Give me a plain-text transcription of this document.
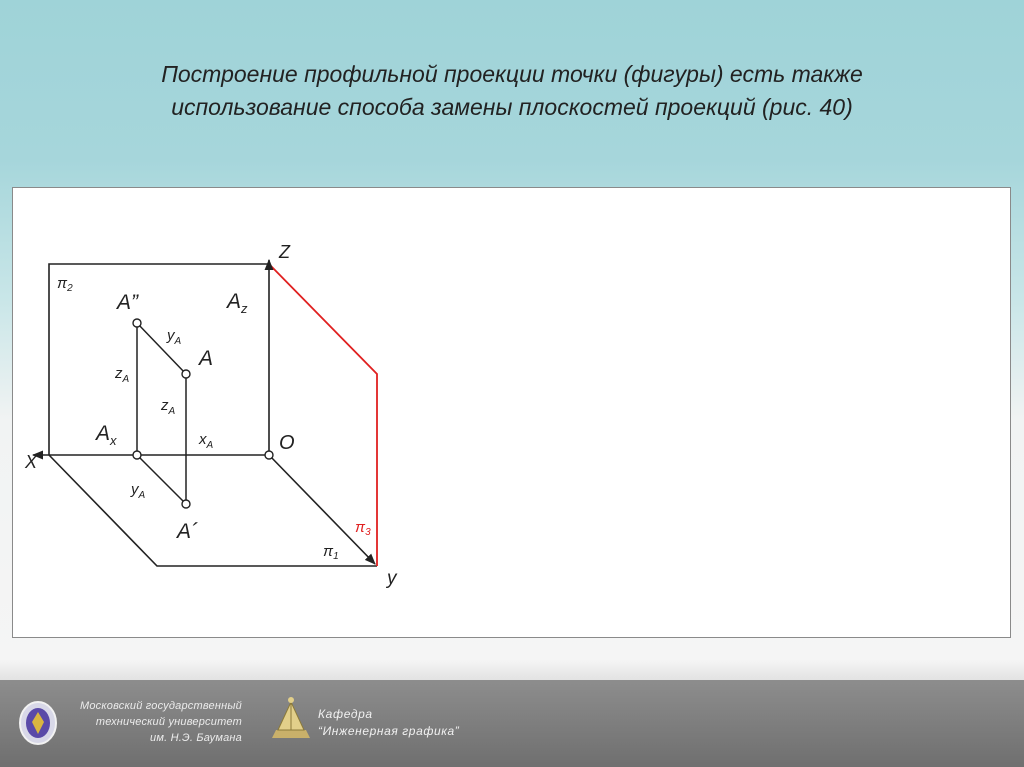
Построение профильной проекции точки (фигуры) есть также
использование способа замены плоскостей проекций (рис. 40)
$\pi_2$
$\pi_1$
$\pi_3$
Z
X
y
O
A”
A
A´
$A_z$
$A_x$
$y_A$
$z_A$
$z_A$
$x_A$
$y_A$
Московский государственный
технический университет
им. Н.Э. Баумана
Кафедра
“Инженерная графика”
